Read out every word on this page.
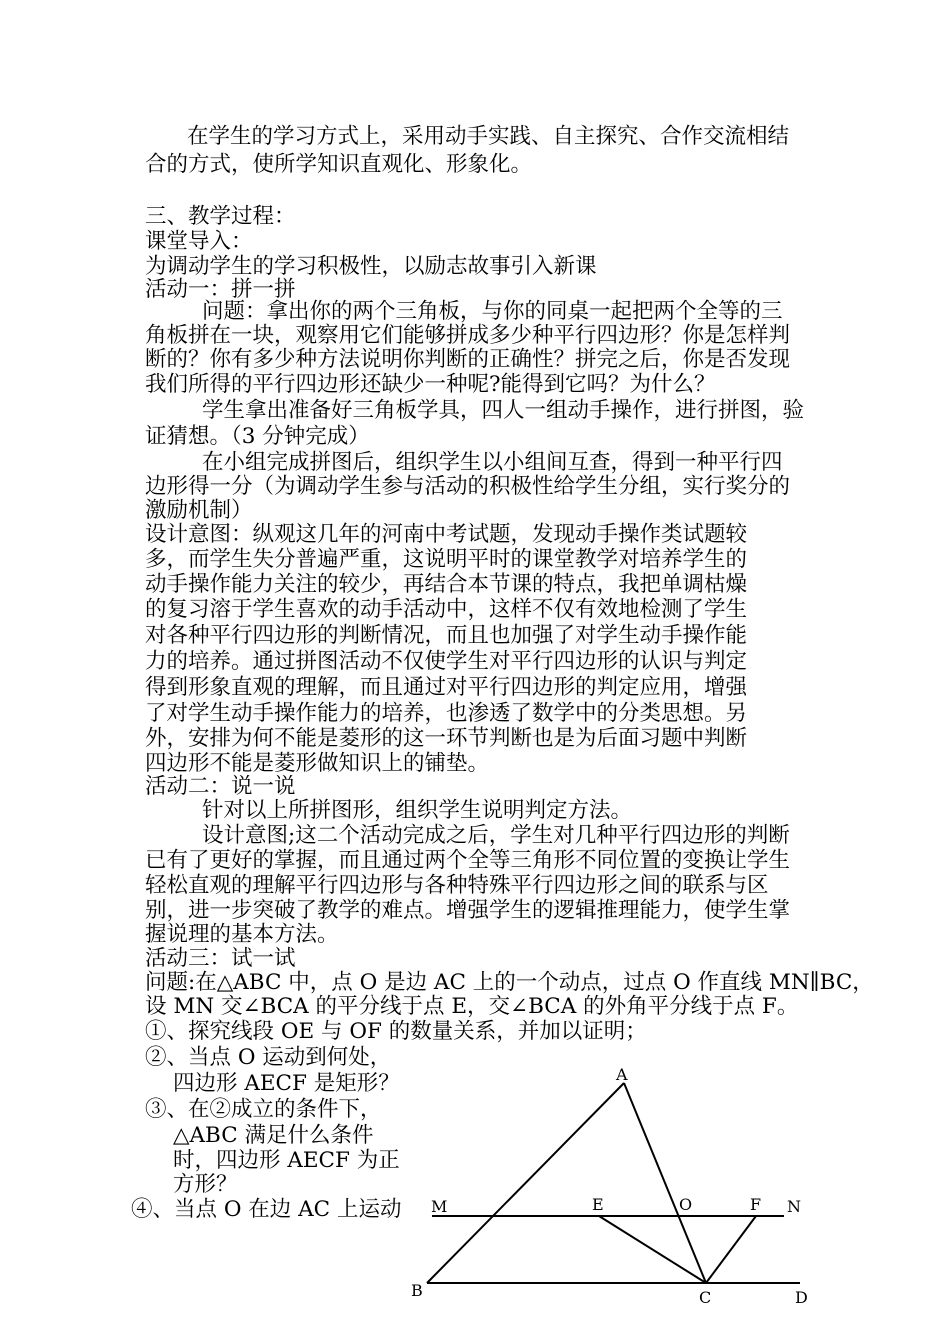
在学生的学习方式上，采用动手实践、自主探究、合作交流相结
合的方式，使所学知识直观化、形象化。
三、教学过程：
课堂导入：
为调动学生的学习积极性，以励志故事引入新课
活动一：拼一拼
问题：拿出你的两个三角板，与你的同桌一起把两个全等的三
角板拼在一块，观察用它们能够拼成多少种平行四边形？你是怎样判
断的？你有多少种方法说明你判断的正确性？拼完之后，你是否发现
我们所得的平行四边形还缺少一种呢?能得到它吗？为什么？
学生拿出准备好三角板学具，四人一组动手操作，进行拼图，验
证猜想。（3 分钟完成）
在小组完成拼图后，组织学生以小组间互查，得到一种平行四
边形得一分（为调动学生参与活动的积极性给学生分组，实行奖分的
激励机制）
设计意图：纵观这几年的河南中考试题，发现动手操作类试题较
多，而学生失分普遍严重，这说明平时的课堂教学对培养学生的
动手操作能力关注的较少，再结合本节课的特点，我把单调枯燥
的复习溶于学生喜欢的动手活动中，这样不仅有效地检测了学生
对各种平行四边形的判断情况，而且也加强了对学生动手操作能
力的培养。通过拼图活动不仅使学生对平行四边形的认识与判定
得到形象直观的理解，而且通过对平行四边形的判定应用，增强
了对学生动手操作能力的培养，也渗透了数学中的分类思想。另
外，安排为何不能是菱形的这一环节判断也是为后面习题中判断
四边形不能是菱形做知识上的铺垫。
活动二：说一说
针对以上所拼图形，组织学生说明判定方法。
设计意图;这二个活动完成之后，学生对几种平行四边形的判断
已有了更好的掌握，而且通过两个全等三角形不同位置的变换让学生
轻松直观的理解平行四边形与各种特殊平行四边形之间的联系与区
别，进一步突破了教学的难点。增强学生的逻辑推理能力，使学生掌
握说理的基本方法。
活动三：试一试
问题:在△ABC 中，点 O 是边 AC 上的一个动点，过点 O 作直线 MN∥BC，
设 MN 交∠BCA 的平分线于点 E，交∠BCA 的外角平分线于点 F。
①、探究线段 OE 与 OF 的数量关系，并加以证明；
②、当点 O 运动到何处，
四边形 AECF 是矩形？
③、在②成立的条件下，
△ABC 满足什么条件
时，四边形 AECF 为正
方形？
④、当点 O 在边 AC 上运动
A
B	C	D
M	N
E	O	F
